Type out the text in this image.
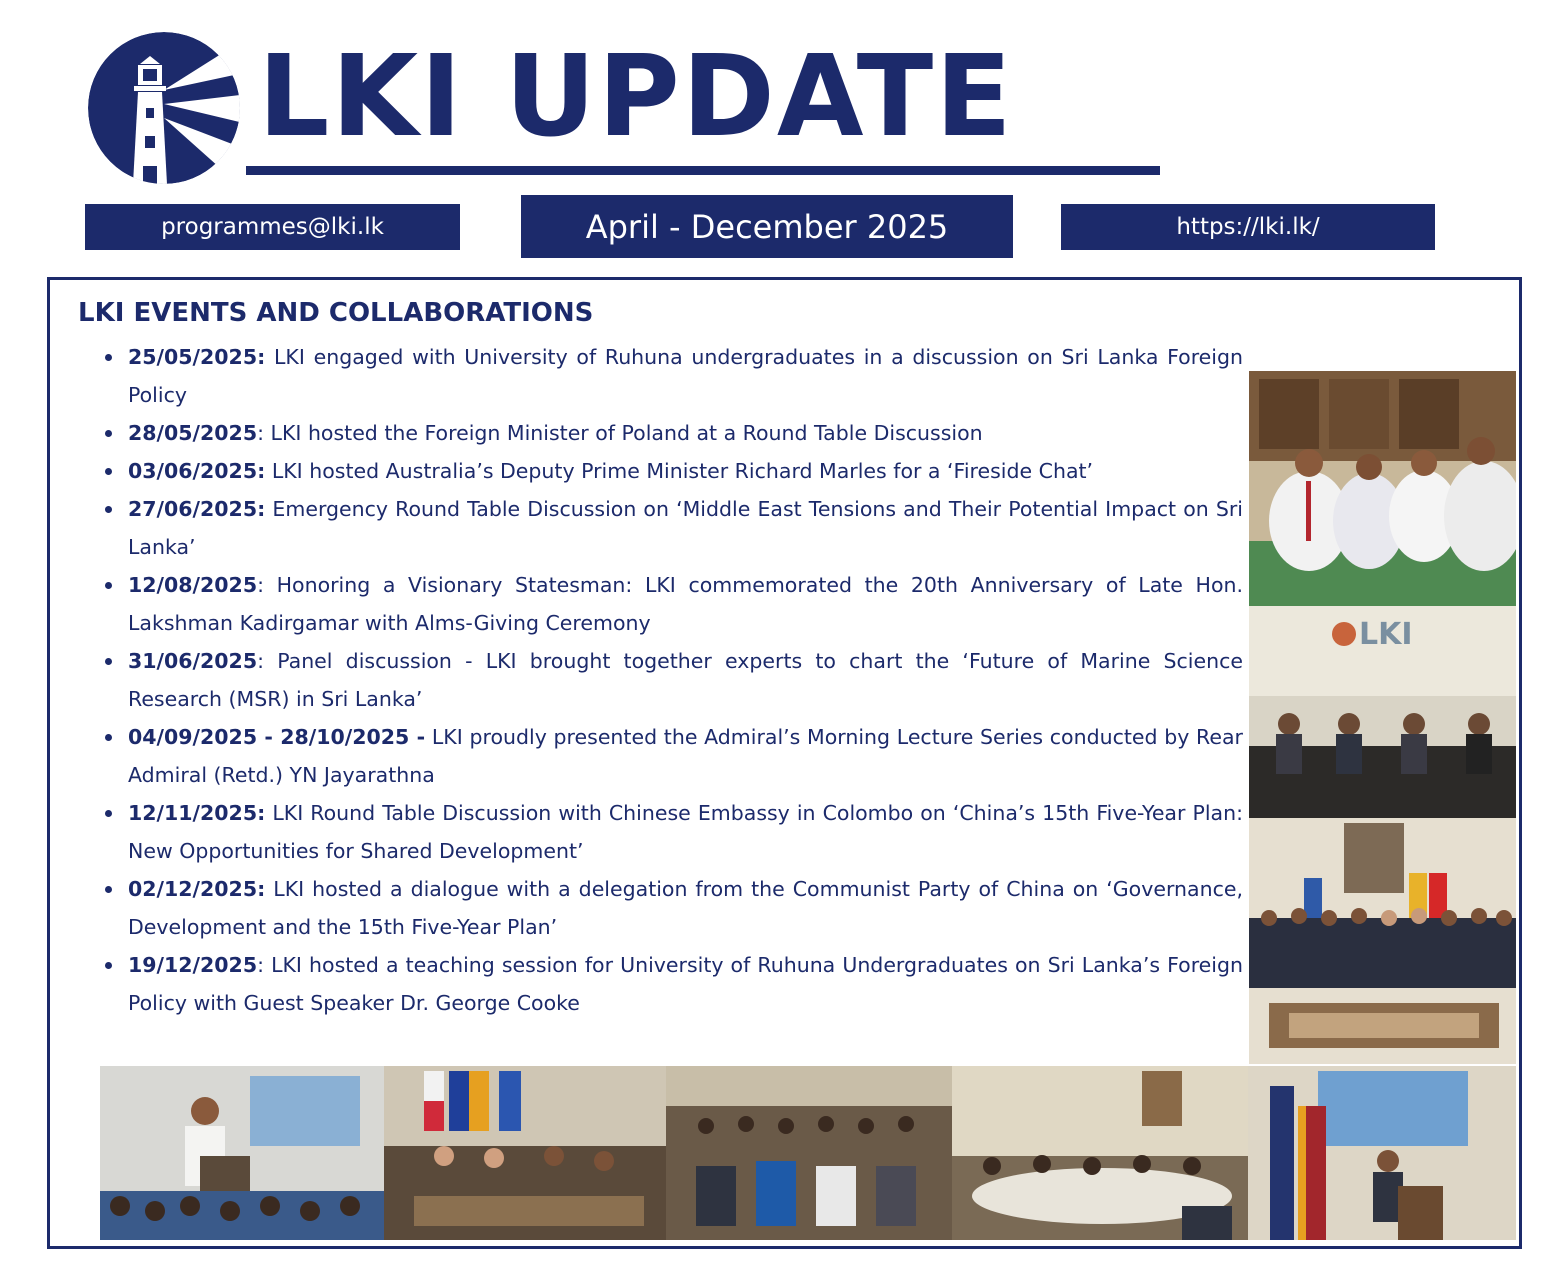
LKI UPDATE
programmes@lki.lk	April - December 2025	https://lki.lk/
LKI EVENTS AND COLLABORATIONS
25/05/2025: LKI engaged with University of Ruhuna undergraduates in a discussion on Sri Lanka Foreign Policy
28/05/2025: LKI hosted the Foreign Minister of Poland at a Round Table Discussion
03/06/2025: LKI hosted Australia’s Deputy Prime Minister Richard Marles for a ‘Fireside Chat’
27/06/2025: Emergency Round Table Discussion on ‘Middle East Tensions and Their Potential Impact on Sri Lanka’
12/08/2025: Honoring a Visionary Statesman: LKI commemorated the 20th Anniversary of Late Hon. Lakshman Kadirgamar with Alms-Giving Ceremony
31/06/2025: Panel discussion - LKI brought together experts to chart the ‘Future of Marine Science Research (MSR) in Sri Lanka’
04/09/2025 - 28/10/2025 - LKI proudly presented the Admiral’s Morning Lecture Series conducted by Rear Admiral (Retd.) YN Jayarathna
12/11/2025: LKI Round Table Discussion with Chinese Embassy in Colombo on ‘China’s 15th Five-Year Plan: New Opportunities for Shared Development’
02/12/2025: LKI hosted a dialogue with a delegation from the Communist Party of China on ‘Governance, Development and the 15th Five-Year Plan’
19/12/2025: LKI hosted a teaching session for University of Ruhuna Undergraduates on Sri Lanka’s Foreign Policy with Guest Speaker Dr. George Cooke
LKI
